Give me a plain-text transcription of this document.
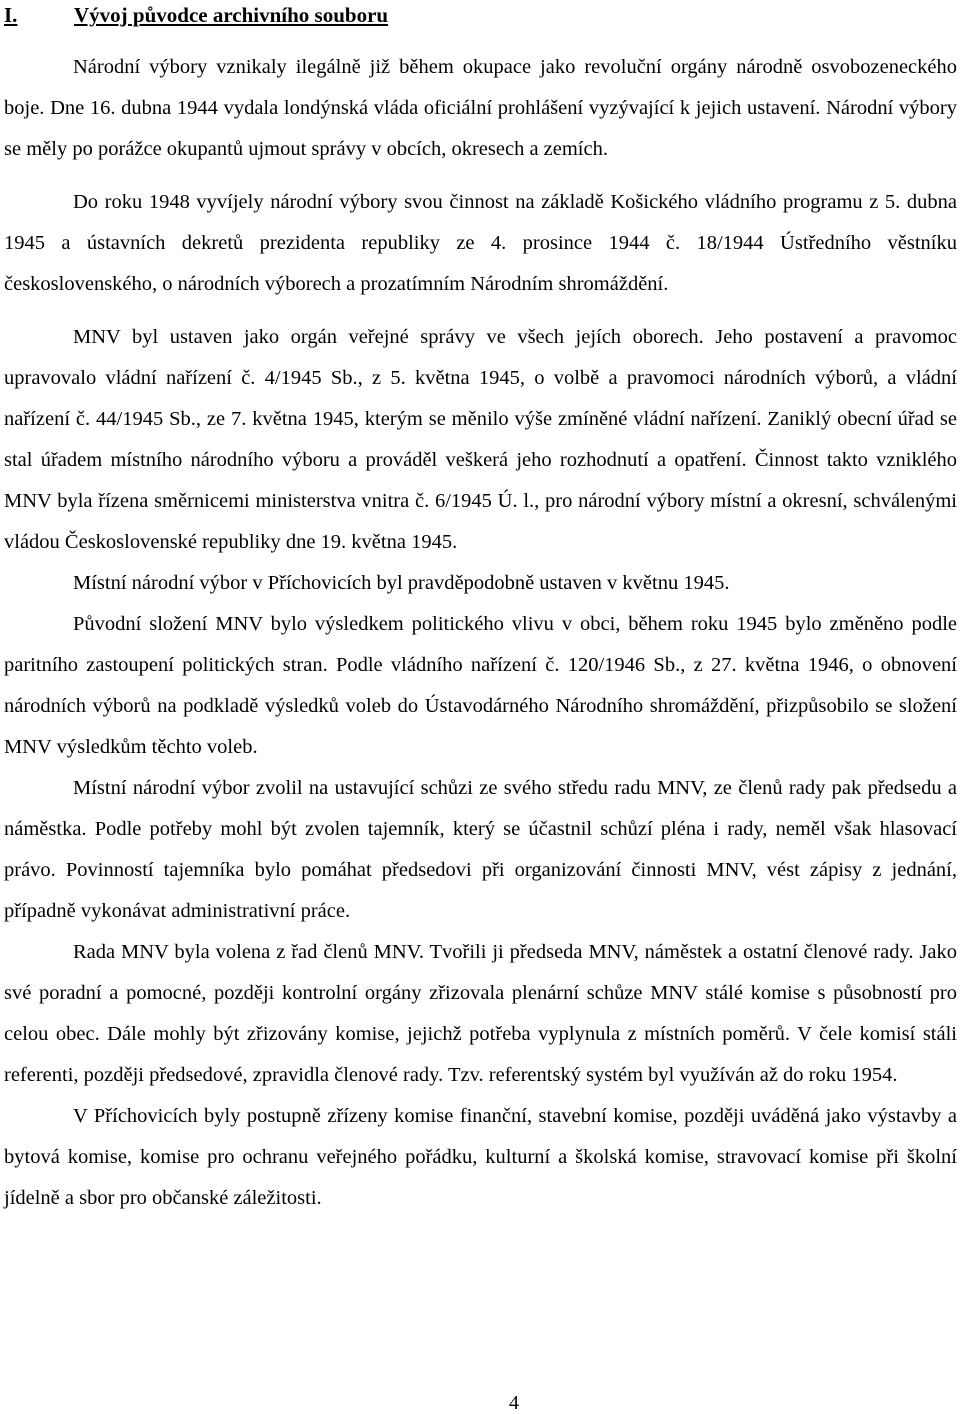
I.	Vývoj původce archivního souboru

Národní výbory vznikaly ilegálně již během okupace jako revoluční orgány národně osvobozeneckého boje. Dne 16. dubna 1944 vydala londýnská vláda oficiální prohlášení vyzývající k jejich ustavení. Národní výbory se měly po porážce okupantů ujmout správy v obcích, okresech a zemích.

Do roku 1948 vyvíjely národní výbory svou činnost na základě Košického vládního programu z 5. dubna 1945 a ústavních dekretů prezidenta republiky ze 4. prosince 1944 č. 18/1944 Ústředního věstníku československého, o národních výborech a prozatímním Národním shromáždění.

MNV byl ustaven jako orgán veřejné správy ve všech jejích oborech. Jeho postavení a pravomoc upravovalo vládní nařízení č. 4/1945 Sb., z 5. května 1945, o volbě a pravomoci národních výborů, a vládní nařízení č. 44/1945 Sb., ze 7. května 1945, kterým se měnilo výše zmíněné vládní nařízení. Zaniklý obecní úřad se stal úřadem místního národního výboru a prováděl veškerá jeho rozhodnutí a opatření. Činnost takto vzniklého MNV byla řízena směrnicemi ministerstva vnitra č. 6/1945 Ú. l., pro národní výbory místní a okresní, schválenými vládou Československé republiky dne 19. května 1945.

Místní národní výbor v Příchovicích byl pravděpodobně ustaven v květnu 1945.

Původní složení MNV bylo výsledkem politického vlivu v obci, během roku 1945 bylo změněno podle paritního zastoupení politických stran. Podle vládního nařízení č. 120/1946 Sb., z 27. května 1946, o obnovení národních výborů na podkladě výsledků voleb do Ústavodárného Národního shromáždění, přizpůsobilo se složení MNV výsledkům těchto voleb.

Místní národní výbor zvolil na ustavující schůzi ze svého středu radu MNV, ze členů rady pak předsedu a náměstka. Podle potřeby mohl být zvolen tajemník, který se účastnil schůzí pléna i rady, neměl však hlasovací právo. Povinností tajemníka bylo pomáhat předsedovi při organizování činnosti MNV, vést zápisy z jednání, případně vykonávat administrativní práce.

Rada MNV byla volena z řad členů MNV. Tvořili ji předseda MNV, náměstek a ostatní členové rady. Jako své poradní a pomocné, později kontrolní orgány zřizovala plenární schůze MNV stálé komise s působností pro celou obec. Dále mohly být zřizovány komise, jejichž potřeba vyplynula z místních poměrů. V čele komisí stáli referenti, později předsedové, zpravidla členové rady. Tzv. referentský systém byl využíván až do roku 1954.

V Příchovicích byly postupně zřízeny komise finanční, stavební komise, později uváděná jako výstavby a bytová komise, komise pro ochranu veřejného pořádku, kulturní a školská komise, stravovací komise při školní jídelně a sbor pro občanské záležitosti.

4
